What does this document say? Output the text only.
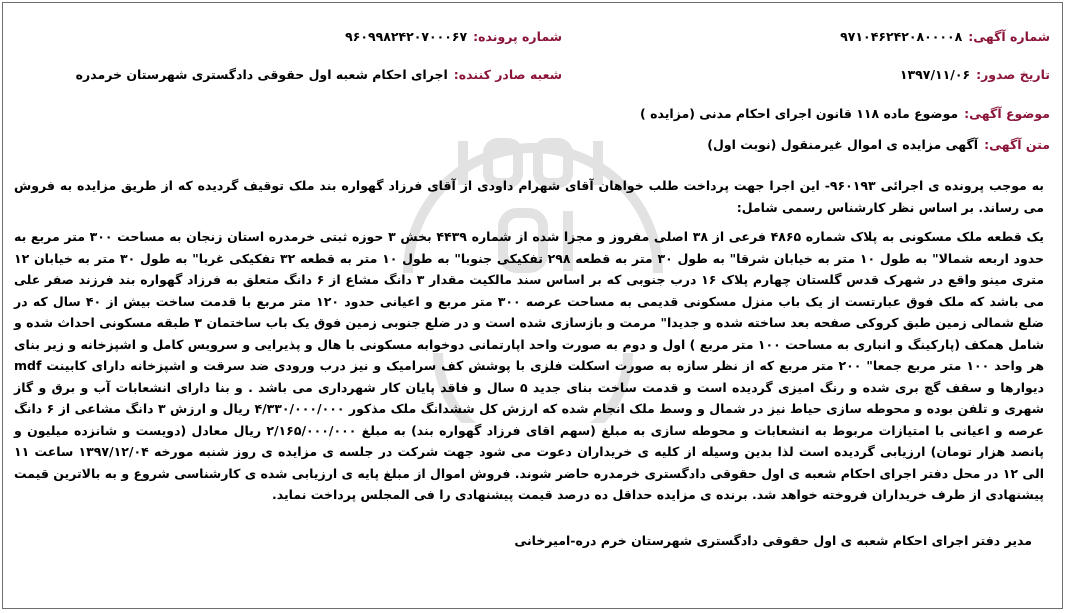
شماره آگهی:
۹۷۱۰۴۶۲۴۲۰۸۰۰۰۰۸
شماره پرونده:
۹۶۰۹۹۸۲۴۲۰۷۰۰۰۶۷
تاریخ صدور:
۱۳۹۷/۱۱/۰۶
شعبه صادر کننده:
اجرای احکام شعبه اول حقوقی دادگستری شهرستان خرمدره
موضوع آگهی:
موضوع ماده ۱۱۸ قانون اجرای احکام مدنی (مزایده )
متن آگهی:
آگهی مزایده ی اموال غیرمنقول (نوبت اول)
به موجب پرونده ی اجرائی ۹۶۰۱۹۳- این اجرا جهت پرداخت طلب خواهان آقای شهرام داودی از آقای فرزاد گهواره بند ملک توقیف گردیده که از طریق مزایده به فروش می رساند. بر اساس نظر کارشناس رسمی شامل:
یک قطعه ملک مسکونی به پلاک شماره ۴۸۶۵ فرعی از ۳۸ اصلی مفروز و مجزا شده از شماره ۴۴۳۹ بخش ۳ حوزه ثبتی خرمدره استان زنجان به مساحت ۳۰۰ متر مربع به حدود اربعه شمالا" به طول ۱۰ متر به خیابان شرقا" به طول ۳۰ متر به قطعه ۲۹۸ تفکیکی جنوبا" به طول ۱۰ متر به قطعه ۳۲ تفکیکی غربا" به طول ۳۰ متر به خیابان ۱۲ متری مینو واقع در شهرک قدس گلستان چهارم پلاک ۱۶ درب جنوبی که بر اساس سند مالکیت مقدار ۳ دانگ مشاع از ۶ دانگ متعلق به فرزاد گهواره بند فرزند صفر علی می باشد که ملک فوق عبارتست از یک باب منزل مسکونی قدیمی به مساحت عرصه ۳۰۰ متر مربع و اعیانی حدود ۱۲۰ متر مربع با قدمت ساخت بیش از ۴۰ سال که در ضلع شمالی زمین طبق کروکی صفحه بعد ساخته شده و جدیدا" مرمت و بازسازی شده است و در ضلع جنوبی زمین فوق یک باب ساختمان ۳ طبقه مسکونی احداث شده و شامل همکف (پارکینگ و انباری به مساحت ۱۰۰ متر مربع ) اول و دوم به صورت واحد اپارتمانی دوخوابه مسکونی با هال و پذیرایی و سرویس کامل و اشپزخانه و زیر بنای هر واحد ۱۰۰ متر مربع جمعا" ۲۰۰ متر مربع که از نظر سازه به صورت اسکلت فلزی با پوشش کف سرامیک و نیز درب ورودی ضد سرقت و اشپزخانه دارای کابینت mdf دیوارها و سقف گچ بری شده و رنگ امیزی گردیده است و قدمت ساخت بنای جدید ۵ سال و فاقد پایان کار شهرداری می باشد . و بنا دارای انشعابات آب و برق و گاز شهری و تلفن بوده و محوطه سازی حیاط نیز در شمال و وسط ملک انجام شده که ارزش کل ششدانگ ملک مذکور ۴/۳۳۰/۰۰۰/۰۰۰ ریال و ارزش ۳ دانگ مشاعی از ۶ دانگ عرصه و اعیانی با امتیازات مربوط به انشعابات و محوطه سازی به مبلغ (سهم اقای فرزاد گهواره بند) به مبلغ ۲/۱۶۵/۰۰۰/۰۰۰ ریال معادل (دویست و شانزده میلیون و پانصد هزار تومان) ارزیابی گردیده است لذا بدین وسیله از کلیه ی خریداران دعوت می شود جهت شرکت در جلسه ی مزایده ی روز شنبه مورخه ۱۳۹۷/۱۲/۰۴ ساعت ۱۱ الی ۱۲ در محل دفتر اجرای احکام شعبه ی اول حقوقی دادگستری خرمدره حاضر شوند. فروش اموال از مبلغ پایه ی ارزیابی شده ی کارشناسی شروع و به بالاترین قیمت پیشنهادی از طرف خریداران فروخته خواهد شد. برنده ی مزایده حداقل ده درصد قیمت پیشنهادی را فی المجلس پرداخت نماید.
مدیر دفتر اجرای احکام شعبه ی اول حقوقی دادگستری شهرستان خرم دره-امیرخانی
